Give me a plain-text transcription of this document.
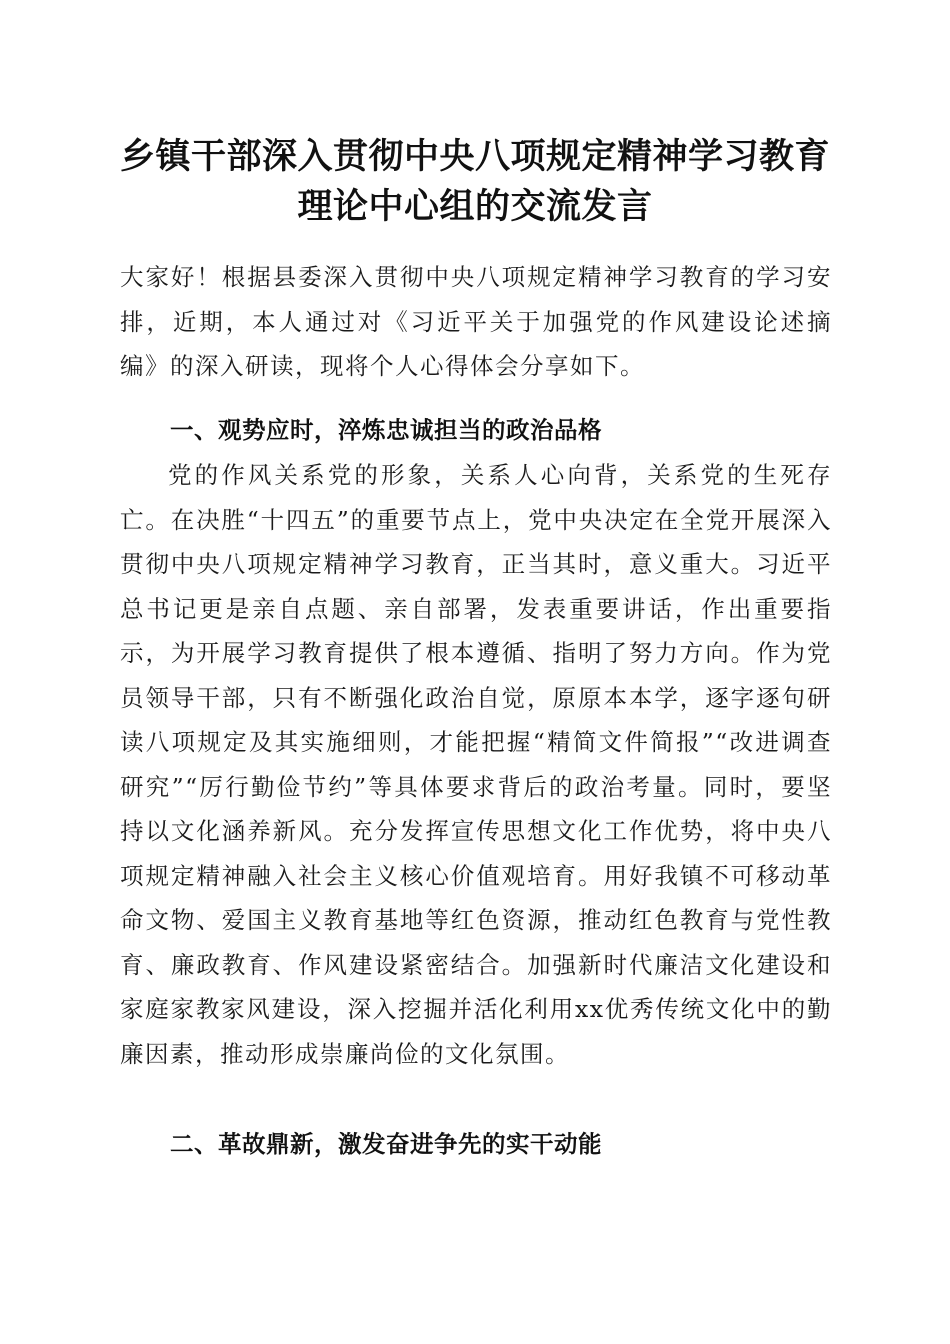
乡镇干部深入贯彻中央八项规定精神学习教育
理论中心组的交流发言

大家好！根据县委深入贯彻中央八项规定精神学习教育的学习安排，近期，本人通过对《习近平关于加强党的作风建设论述摘编》的深入研读，现将个人心得体会分享如下。

一、观势应时，淬炼忠诚担当的政治品格

党的作风关系党的形象，关系人心向背，关系党的生死存亡。在决胜“十四五”的重要节点上，党中央决定在全党开展深入贯彻中央八项规定精神学习教育，正当其时，意义重大。习近平总书记更是亲自点题、亲自部署，发表重要讲话，作出重要指示，为开展学习教育提供了根本遵循、指明了努力方向。作为党员领导干部，只有不断强化政治自觉，原原本本学，逐字逐句研读八项规定及其实施细则，才能把握“精简文件简报”“改进调查研究”“厉行勤俭节约”等具体要求背后的政治考量。同时，要坚持以文化涵养新风。充分发挥宣传思想文化工作优势，将中央八项规定精神融入社会主义核心价值观培育。用好我镇不可移动革命文物、爱国主义教育基地等红色资源，推动红色教育与党性教育、廉政教育、作风建设紧密结合。加强新时代廉洁文化建设和家庭家教家风建设，深入挖掘并活化利用xx优秀传统文化中的勤廉因素，推动形成崇廉尚俭的文化氛围。

二、革故鼎新，激发奋进争先的实干动能
